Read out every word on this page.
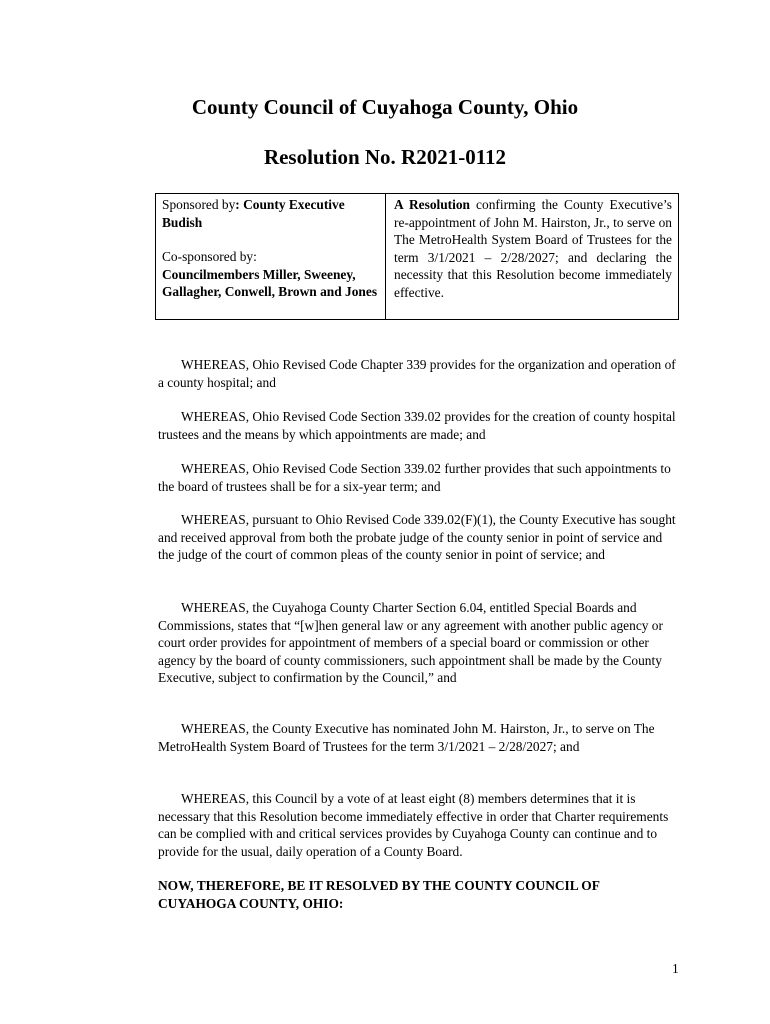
County Council of Cuyahoga County, Ohio
Resolution No. R2021-0112
Sponsored by: County Executive Budish
Co-sponsored by:
Councilmembers Miller, Sweeney, Gallagher, Conwell, Brown and Jones
A Resolution confirming the County Executive’s re-appointment of John M. Hairston, Jr., to serve on The MetroHealth System Board of Trustees for the term 3/1/2021 – 2/28/2027; and declaring the necessity that this Resolution become immediately effective.

WHEREAS, Ohio Revised Code Chapter 339 provides for the organization and operation of a county hospital; and

WHEREAS, Ohio Revised Code Section 339.02 provides for the creation of county hospital trustees and the means by which appointments are made; and

WHEREAS, Ohio Revised Code Section 339.02 further provides that such appointments to the board of trustees shall be for a six-year term; and

WHEREAS, pursuant to Ohio Revised Code 339.02(F)(1), the County Executive has sought and received approval from both the probate judge of the county senior in point of service and the judge of the court of common pleas of the county senior in point of service; and

WHEREAS, the Cuyahoga County Charter Section 6.04, entitled Special Boards and Commissions, states that “[w]hen general law or any agreement with another public agency or court order provides for appointment of members of a special board or commission or other agency by the board of county commissioners, such appointment shall be made by the County Executive, subject to confirmation by the Council,” and

WHEREAS, the County Executive has nominated John M. Hairston, Jr., to serve on The MetroHealth System Board of Trustees for the term 3/1/2021 – 2/28/2027; and

WHEREAS, this Council by a vote of at least eight (8) members determines that it is necessary that this Resolution become immediately effective in order that Charter requirements can be complied with and critical services provides by Cuyahoga County can continue and to provide for the usual, daily operation of a County Board.

NOW, THEREFORE, BE IT RESOLVED BY THE COUNTY COUNCIL OF CUYAHOGA COUNTY, OHIO:

1
